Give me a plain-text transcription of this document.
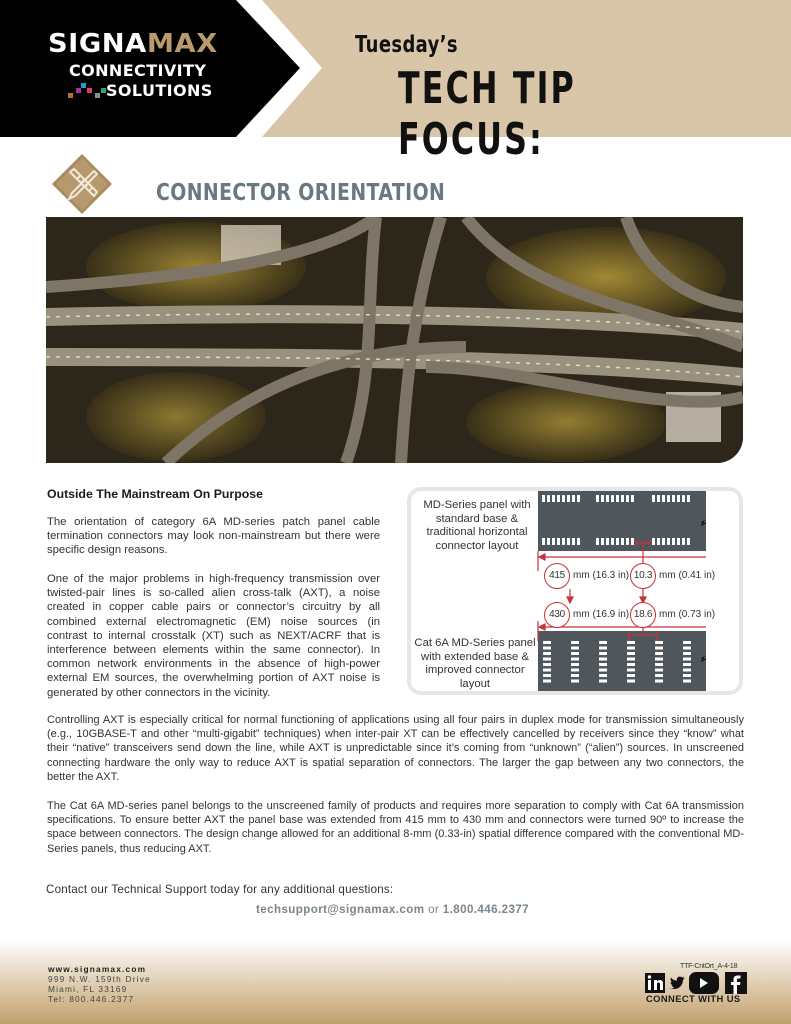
SIGNAMAX
CONNECTIVITY
SOLUTIONS
Tuesday’s
TECH TIP FOCUS:
CONNECTOR ORIENTATION
Outside The Mainstream On Purpose
The orientation of category 6A MD-series patch panel cable termination connectors may look non-mainstream but there were specific design reasons.
One of the major problems in high-frequency transmission over twisted-pair lines is so-called alien cross-talk (AXT), a noise created in copper cable pairs or connector’s circuitry by all combined external electromagnetic (EM) noise sources (in contrast to internal crosstalk (XT) such as NEXT/ACRF that is interference between elements within the same connector). In common network environments in the absence of high-power external EM sources, the overwhelming portion of AXT noise is generated by other connectors in the vicinity.
Controlling AXT is especially critical for normal functioning of applications using all four pairs in duplex mode for transmission simultaneously (e.g., 10GBASE-T and other “multi-gigabit” techniques) when inter-pair XT can be effectively cancelled by receivers since they “know” what their “native” transceivers send down the line, while AXT is unpredictable since it’s coming from “unknown” (“alien”) sources. In unscreened connecting hardware the only way to reduce AXT is spatial separation of connectors. The larger the gap between any two connectors, the better the AXT.
The Cat 6A MD-series panel belongs to the unscreened family of products and requires more separation to comply with Cat 6A transmission specifications. To ensure better AXT the panel base was extended from 415 mm to 430 mm and connectors were turned 90º to increase the space between connectors. The design change allowed for an additional 8-mm (0.33-in) spatial difference compared with the conventional MD-Series panels, thus reducing AXT.
MD-Series panel with standard base & traditional horizontal connector layout
Cat 6A MD-Series panel with extended base & improved connector layout
415 mm (16.3 in) 10.3 mm (0.41 in)
430 mm (16.9 in) 18.6 mm (0.73 in)
Contact our Technical Support today for any additional questions:
techsupport@signamax.com or 1.800.446.2377
www.signamax.com
999 N.W. 159th Drive
Miami, FL 33169
Tel: 800.446.2377
TTF-CntOrt_A-4-18
CONNECT WITH US
